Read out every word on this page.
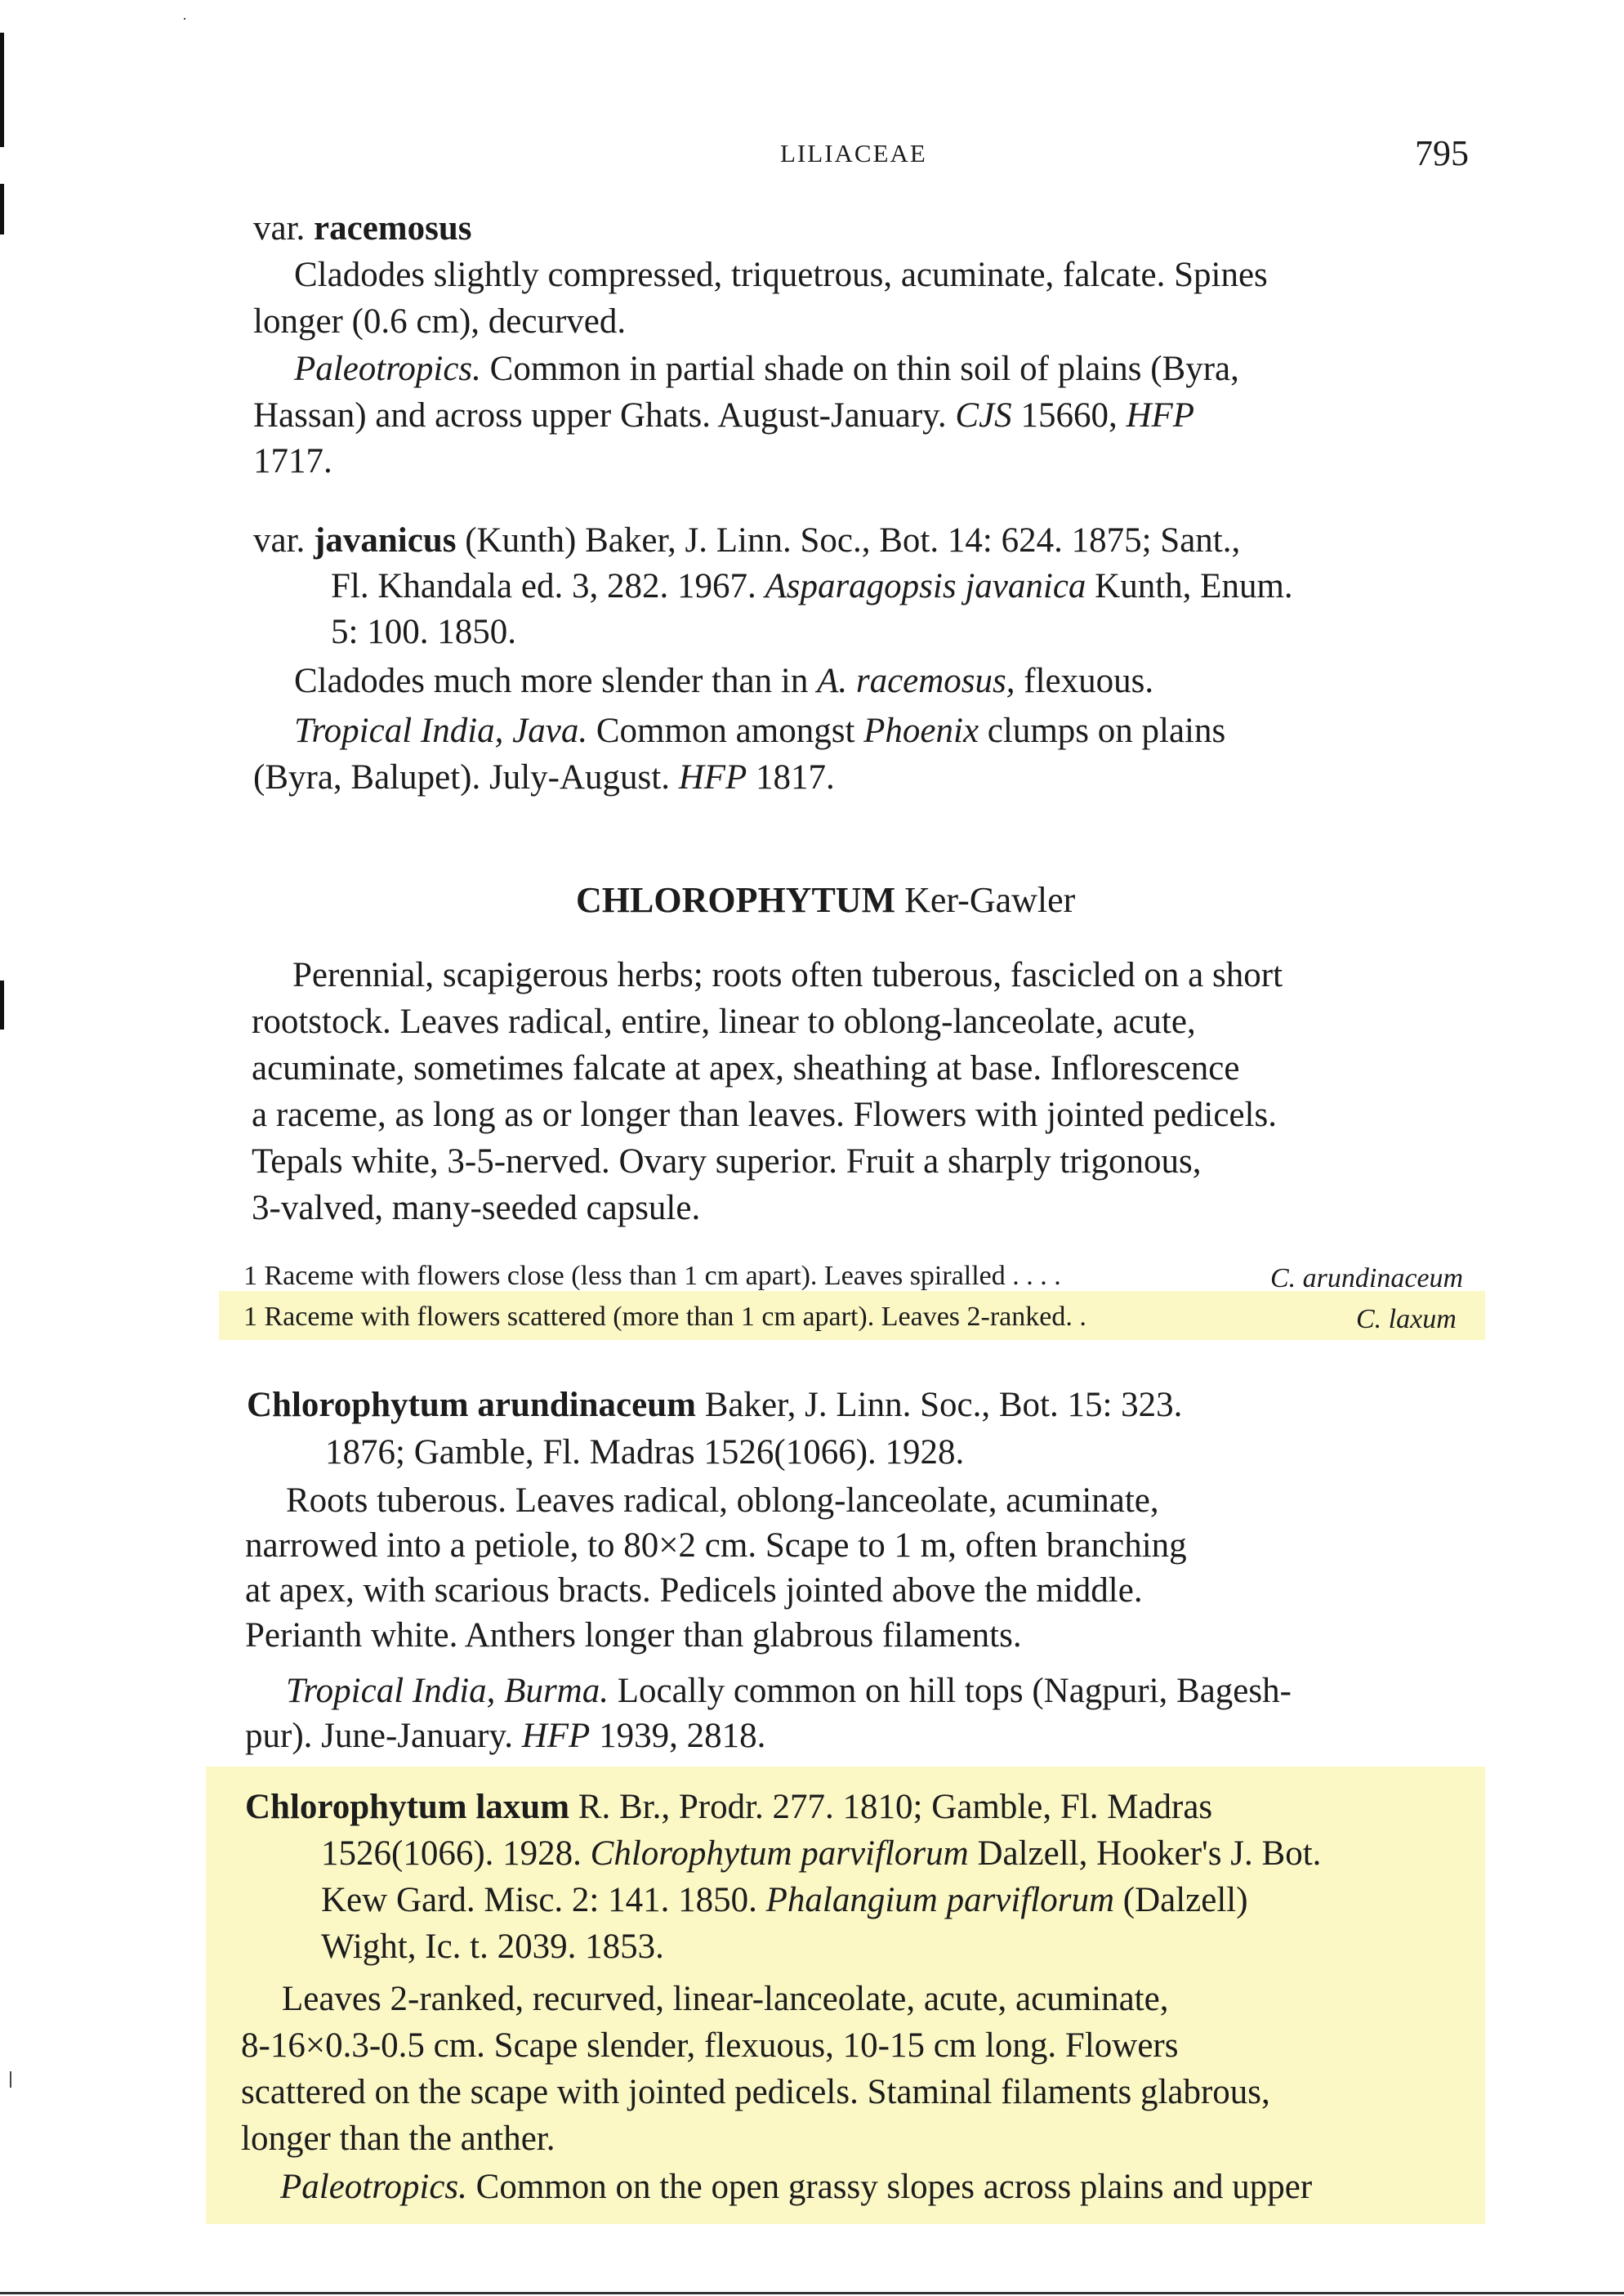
LILIACEAE	795
var. racemosus
Cladodes slightly compressed, triquetrous, acuminate, falcate. Spines
longer (0.6 cm), decurved.
Paleotropics. Common in partial shade on thin soil of plains (Byra,
Hassan) and across upper Ghats. August-January. CJS 15660, HFP
1717.
var. javanicus (Kunth) Baker, J. Linn. Soc., Bot. 14: 624. 1875; Sant.,
Fl. Khandala ed. 3, 282. 1967. Asparagopsis javanica Kunth, Enum.
5: 100. 1850.
Cladodes much more slender than in A. racemosus, flexuous.
Tropical India, Java. Common amongst Phoenix clumps on plains
(Byra, Balupet). July-August. HFP 1817.
CHLOROPHYTUM Ker-Gawler
Perennial, scapigerous herbs; roots often tuberous, fascicled on a short
rootstock. Leaves radical, entire, linear to oblong-lanceolate, acute,
acuminate, sometimes falcate at apex, sheathing at base. Inflorescence
a raceme, as long as or longer than leaves. Flowers with jointed pedicels.
Tepals white, 3-5-nerved. Ovary superior. Fruit a sharply trigonous,
3-valved, many-seeded capsule.
1 Raceme with flowers close (less than 1 cm apart). Leaves spiralled . . . .	C. arundinaceum
1 Raceme with flowers scattered (more than 1 cm apart). Leaves 2-ranked. .	C. laxum
Chlorophytum arundinaceum Baker, J. Linn. Soc., Bot. 15: 323.
1876; Gamble, Fl. Madras 1526(1066). 1928.
Roots tuberous. Leaves radical, oblong-lanceolate, acuminate,
narrowed into a petiole, to 80×2 cm. Scape to 1 m, often branching
at apex, with scarious bracts. Pedicels jointed above the middle.
Perianth white. Anthers longer than glabrous filaments.
Tropical India, Burma. Locally common on hill tops (Nagpuri, Bagesh-
pur). June-January. HFP 1939, 2818.
Chlorophytum laxum R. Br., Prodr. 277. 1810; Gamble, Fl. Madras
1526(1066). 1928. Chlorophytum parviflorum Dalzell, Hooker's J. Bot.
Kew Gard. Misc. 2: 141. 1850. Phalangium parviflorum (Dalzell)
Wight, Ic. t. 2039. 1853.
Leaves 2-ranked, recurved, linear-lanceolate, acute, acuminate,
8-16×0.3-0.5 cm. Scape slender, flexuous, 10-15 cm long. Flowers
scattered on the scape with jointed pedicels. Staminal filaments glabrous,
longer than the anther.
Paleotropics. Common on the open grassy slopes across plains and upper
